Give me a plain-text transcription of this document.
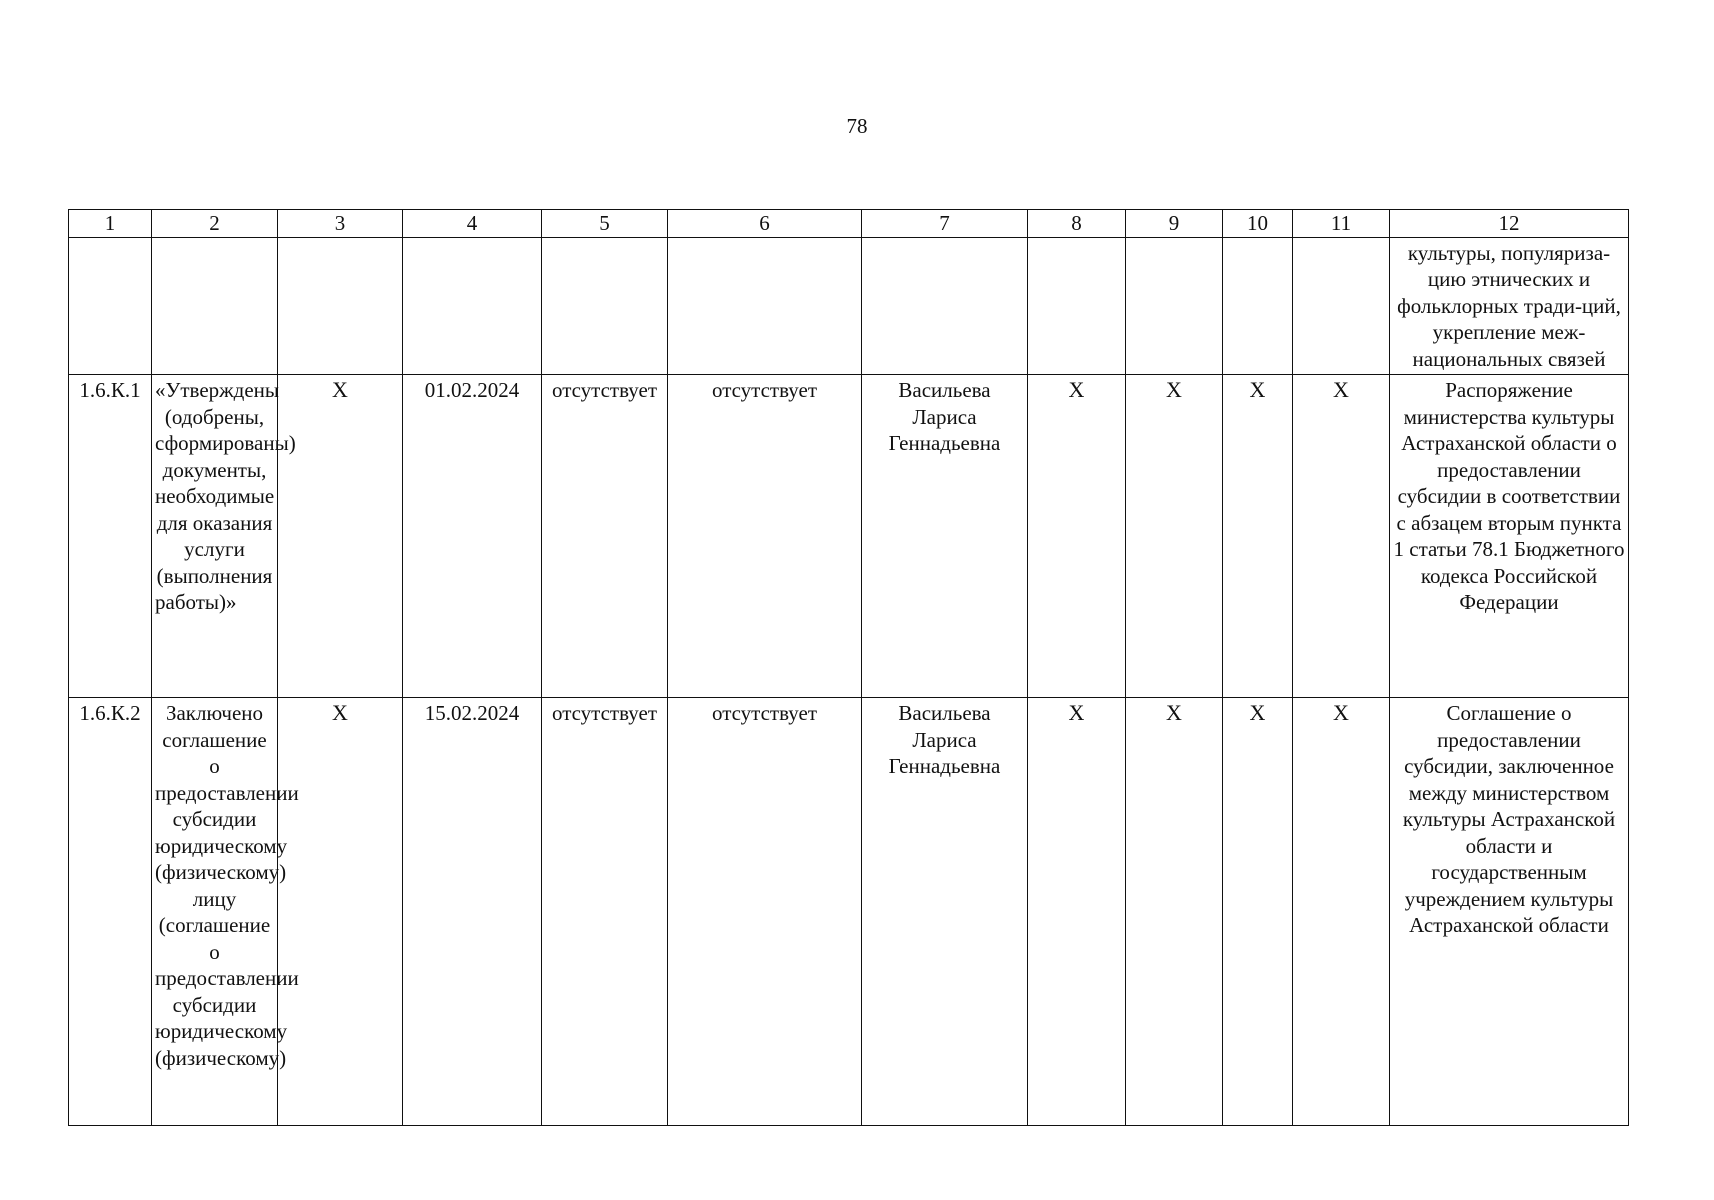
78
1	2	3	4	5	6	7	8	9	10	11	12
											культуры, популяриза-цию этнических и фольклорных тради-ций, укрепление меж-национальных связей
1.6.К.1	«Утверждены (одобрены, сформированы) документы, необходимые для оказания услуги (выполнения работы)»	X	01.02.2024	отсутствует	отсутствует	Васильева Лариса Геннадьевна	X	X	X	X	Распоряжение министерства культуры Астраханской области о предоставлении субсидии в соответствии с абзацем вторым пункта 1 статьи 78.1 Бюджетного кодекса Российской Федерации
1.6.К.2	Заключено соглашение о предоставлении субсидии юридическому (физическому) лицу (соглашение о предоставлении субсидии юридическому (физическому)	X	15.02.2024	отсутствует	отсутствует	Васильева Лариса Геннадьевна	X	X	X	X	Соглашение о предоставлении субсидии, заключенное между министерством культуры Астраханской области и государственным учреждением культуры Астраханской области
